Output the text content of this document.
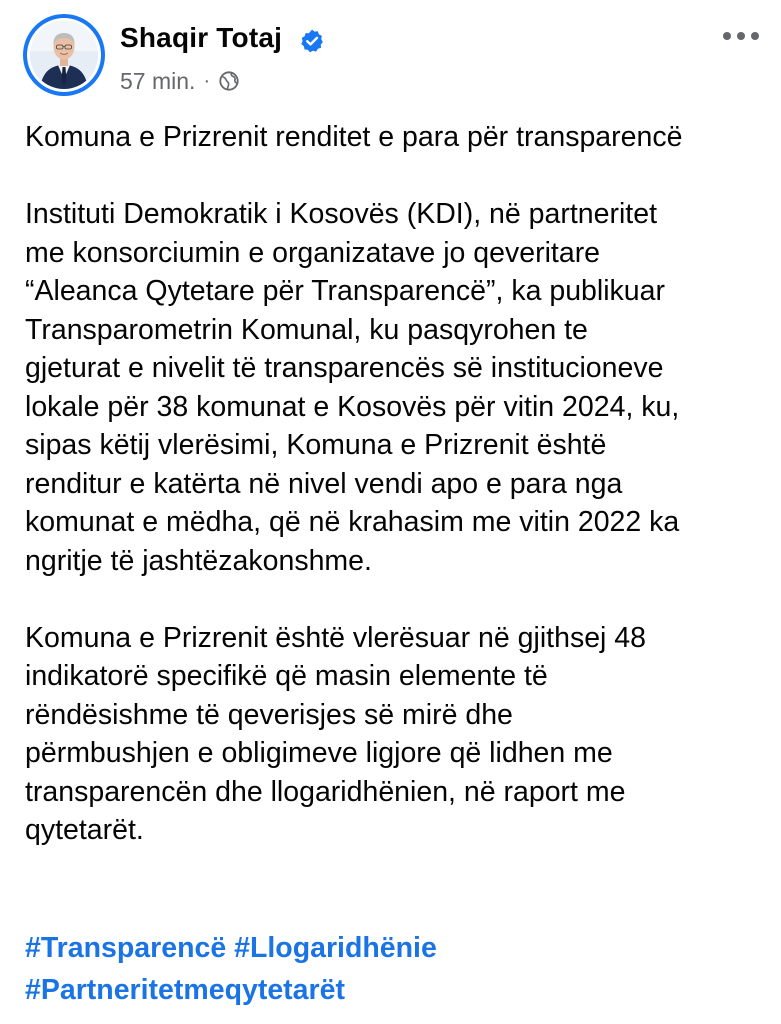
Shaqir Totaj
57 min. ·

Komuna e Prizrenit renditet e para për transparencë

Instituti Demokratik i Kosovës (KDI), në partneritet

me konsorciumin e organizatave jo qeveritare

“Aleanca Qytetare për Transparencë”, ka publikuar

Transparometrin Komunal, ku pasqyrohen te

gjeturat e nivelit të transparencës së institucioneve

lokale për 38 komunat e Kosovës për vitin 2024, ku,

sipas këtij vlerësimi, Komuna e Prizrenit është

renditur e katërta në nivel vendi apo e para nga

komunat e mëdha, që në krahasim me vitin 2022 ka

ngritje të jashtëzakonshme.

Komuna e Prizrenit është vlerësuar në gjithsej 48

indikatorë specifikë që masin elemente të

rëndësishme të qeverisjes së mirë dhe

përmbushjen e obligimeve ligjore që lidhen me

transparencën dhe llogaridhënien, në raport me

qytetarët.

#Transparencë #Llogaridhënie
#Partneritetmeqytetarët
